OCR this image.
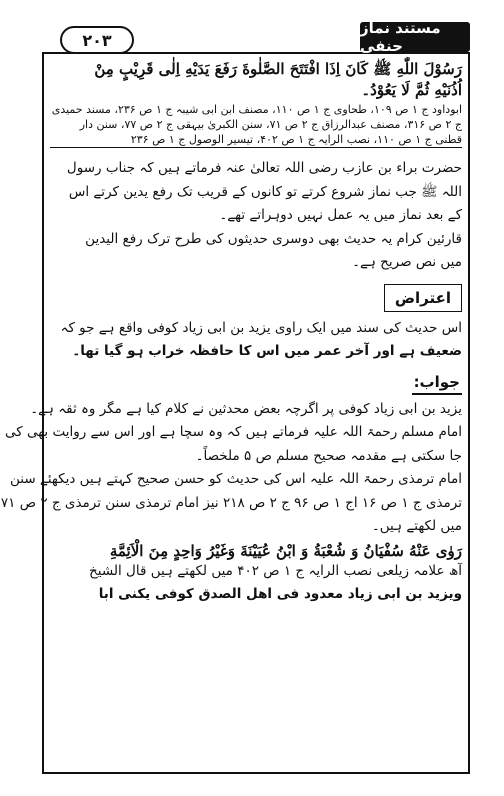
۲۰۳
مستند نماز حنفی
رَسُوْلَ اللّٰهِ ﷺ كَانَ اِذَا افْتَتَحَ الصَّلٰوةَ رَفَعَ يَدَيْهِ اِلٰى قَرِيْبٍ مِنْ
اُذُنَيْهِ ثُمَّ لَا يَعُوْدُ۔
ابوداود ج ۱ ص ۱۰۹، طحاوی ج ۱ ص ۱۱۰، مصنف ابن ابی شیبہ ج ۱ ص ۲۳۶، مسند حمیدی
ج ۲ ص ۳۱۶، مصنف عبدالرزاق ج ۲ ص ۷۱، سنن الکبریٰ بیہقی ج ۲ ص ۷۷، سنن دار
قطنی ج ۱ ص ۱۱۰، نصب الرایہ ج ۱ ص ۴۰۲، تیسیر الوصول ج ۱ ص ۲۳۶
حضرت براء بن عازب رضی اللہ تعالیٰ عنہ فرماتے ہیں کہ جناب رسول
اللہ ﷺ جب نماز شروع کرتے تو کانوں کے قریب تک رفع یدین کرتے اس
کے بعد نماز میں یہ عمل نہیں دوہراتے تھے۔
قارئین کرام یہ حدیث بھی دوسری حدیثوں کی طرح ترک رفع الیدین
میں نص صریح ہے۔
اعتراض
اس حدیث کی سند میں ایک راوی یزید بن ابی زیاد کوفی واقع ہے جو کہ
ضعیف ہے اور آخر عمر میں اس کا حافظہ خراب ہو گیا تھا۔
جواب:
یزید بن ابی زیاد کوفی پر اگرچہ بعض محدثین نے کلام کیا ہے مگر وہ ثقہ ہے۔
امام مسلم رحمۃ اللہ علیہ فرماتے ہیں کہ وہ سچا ہے اور اس سے روایت بھی کی
جا سکتی ہے مقدمہ صحیح مسلم ص ۵ ملخصاً۔
امام ترمذی رحمۃ اللہ علیہ اس کی حدیث کو حسن صحیح کہتے ہیں دیکھئے سنن
ترمذی ج ۱ ص ۱۶ اج ۱ ص ۹۶ ج ۲ ص ۲۱۸ نیز امام ترمذی سنن ترمذی ج ۲ ص ۷۱
میں لکھتے ہیں۔
رَوٰى عَنْهُ سُفْيَانُ وَ شُعْبَةُ وَ ابْنُ عُيَيْنَةَ وَغَيْرُ وَاحِدٍ مِنَ الْاَئِمَّةِ
آھ علامہ زیلعی نصب الرایہ ج ۱ ص ۴۰۲ میں لکھتے ہیں قال الشیخ
ویزید بن ابی زیاد معدود فی اھل الصدق کوفی یکنی ابا
